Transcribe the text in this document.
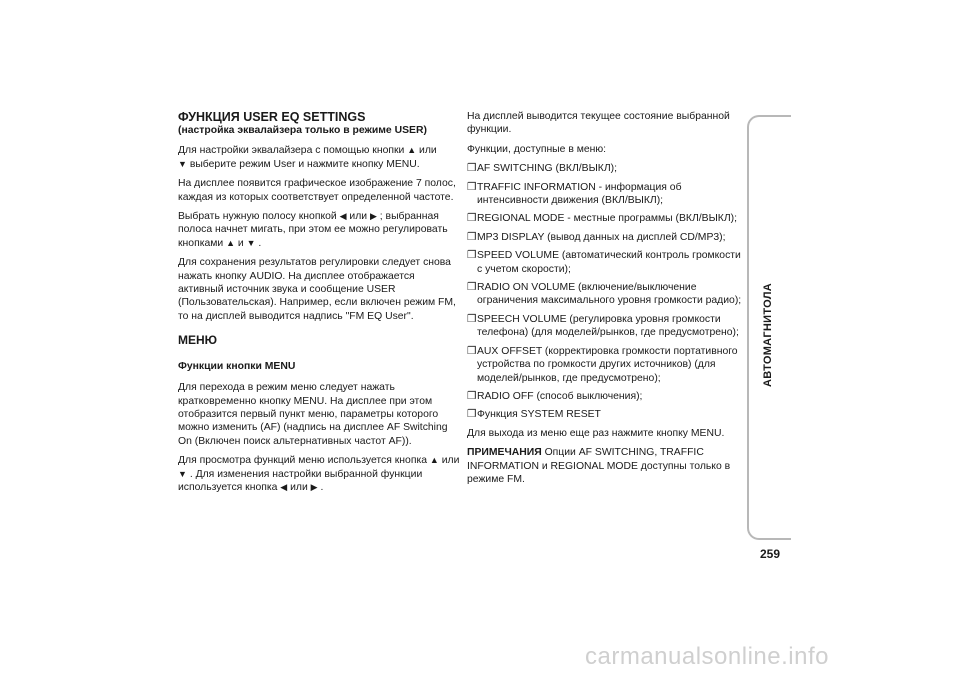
ФУНКЦИЯ USER EQ SETTINGS
(настройка эквалайзера только в режиме USER)

Для настройки эквалайзера с помощью кнопки ▲ или
▼ выберите режим User и нажмите кнопку MENU.

На дисплее появится графическое изображение 7 полос, каждая из которых соответствует определенной частоте.

Выбрать нужную полосу кнопкой ◀ или ▶ ; выбранная полоса начнет мигать, при этом ее можно регулировать кнопками ▲ и ▼ .

Для сохранения результатов регулировки следует снова нажать кнопку AUDIO. На дисплее отображается активный источник звука и сообщение USER (Пользовательская). Например, если включен режим FM, то на дисплей выводится надпись "FM EQ User".

МЕНЮ
Функции кнопки MENU

Для перехода в режим меню следует нажать кратковременно кнопку MENU. На дисплее при этом отобразится первый пункт меню, параметры которого можно изменить (AF) (надпись на дисплее AF Switching On (Включен поиск альтернативных частот AF)).

Для просмотра функций меню используется кнопка ▲ или ▼ . Для изменения настройки выбранной функции используется кнопка ◀ или ▶ .

На дисплей выводится текущее состояние выбранной функции.

Функции, доступные в меню:

❒ AF SWITCHING (ВКЛ/ВЫКЛ);
❒ TRAFFIC INFORMATION - информация об интенсивности движения (ВКЛ/ВЫКЛ);
❒ REGIONAL MODE - местные программы (ВКЛ/ВЫКЛ);
❒ MP3 DISPLAY (вывод данных на дисплей CD/MP3);
❒ SPEED VOLUME (автоматический контроль громкости с учетом скорости);
❒ RADIO ON VOLUME (включение/выключение ограничения максимального уровня громкости радио);
❒ SPEECH VOLUME (регулировка уровня громкости телефона) (для моделей/рынков, где предусмотрено);
❒ AUX OFFSET (корректировка громкости портативного устройства по громкости других источников) (для моделей/рынков, где предусмотрено);
❒ RADIO OFF (способ выключения);
❒ Функция SYSTEM RESET

Для выхода из меню еще раз нажмите кнопку MENU.

ПРИМЕЧАНИЯ Опции AF SWITCHING, TRAFFIC INFORMATION и REGIONAL MODE доступны только в режиме FM.

АВТОМАГНИТОЛА
259
carmanualsonline.info
